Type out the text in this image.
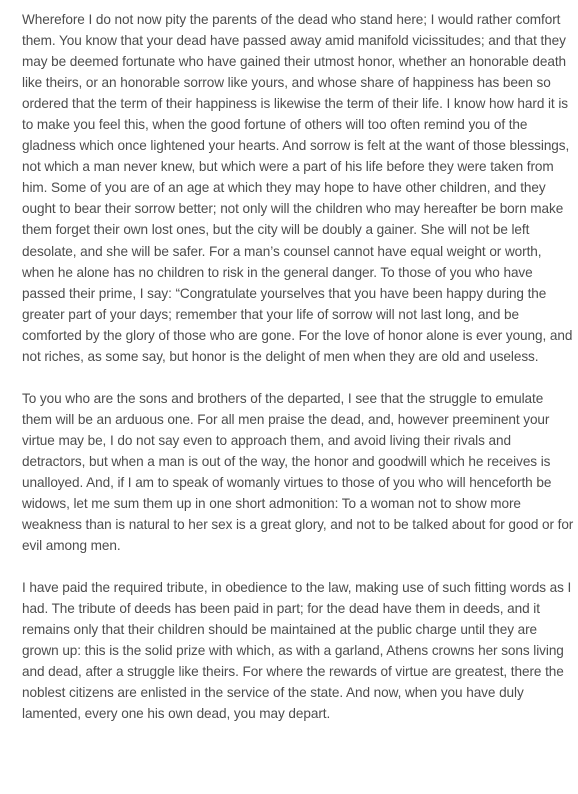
Wherefore I do not now pity the parents of the dead who stand here; I would rather comfort them. You know that your dead have passed away amid manifold vicissitudes; and that they may be deemed fortunate who have gained their utmost honor, whether an honorable death like theirs, or an honorable sorrow like yours, and whose share of happiness has been so ordered that the term of their happiness is likewise the term of their life. I know how hard it is to make you feel this, when the good fortune of others will too often remind you of the gladness which once lightened your hearts. And sorrow is felt at the want of those blessings, not which a man never knew, but which were a part of his life before they were taken from him. Some of you are of an age at which they may hope to have other children, and they ought to bear their sorrow better; not only will the children who may hereafter be born make them forget their own lost ones, but the city will be doubly a gainer. She will not be left desolate, and she will be safer. For a man’s counsel cannot have equal weight or worth, when he alone has no children to risk in the general danger. To those of you who have passed their prime, I say: “Congratulate yourselves that you have been happy during the greater part of your days; remember that your life of sorrow will not last long, and be comforted by the glory of those who are gone. For the love of honor alone is ever young, and not riches, as some say, but honor is the delight of men when they are old and useless.

To you who are the sons and brothers of the departed, I see that the struggle to emulate them will be an arduous one. For all men praise the dead, and, however preeminent your virtue may be, I do not say even to approach them, and avoid living their rivals and detractors, but when a man is out of the way, the honor and goodwill which he receives is unalloyed. And, if I am to speak of womanly virtues to those of you who will henceforth be widows, let me sum them up in one short admonition: To a woman not to show more weakness than is natural to her sex is a great glory, and not to be talked about for good or for evil among men.

I have paid the required tribute, in obedience to the law, making use of such fitting words as I had. The tribute of deeds has been paid in part; for the dead have them in deeds, and it remains only that their children should be maintained at the public charge until they are grown up: this is the solid prize with which, as with a garland, Athens crowns her sons living and dead, after a struggle like theirs. For where the rewards of virtue are greatest, there the noblest citizens are enlisted in the service of the state. And now, when you have duly lamented, every one his own dead, you may depart.
